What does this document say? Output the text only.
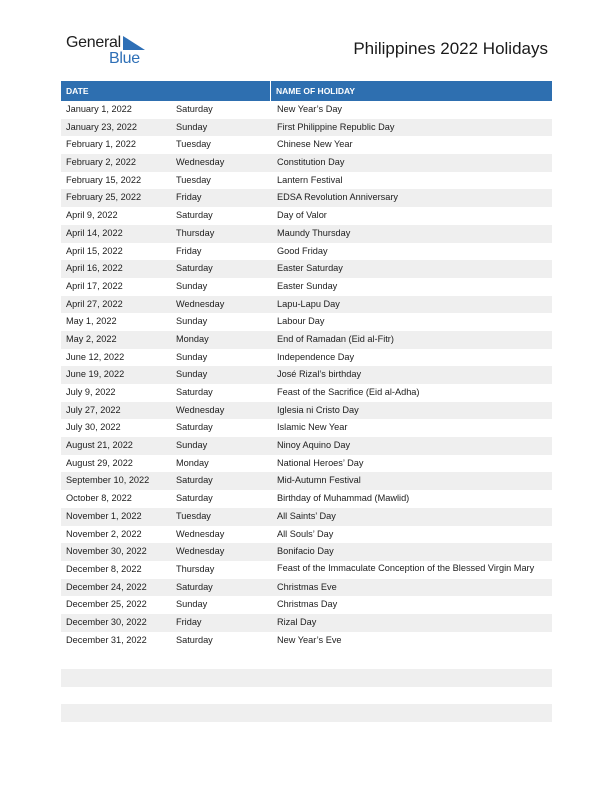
General
Blue
Philippines 2022 Holidays
DATE	NAME OF HOLIDAY
January 1, 2022	Saturday	New Year’s Day
January 23, 2022	Sunday	First Philippine Republic Day
February 1, 2022	Tuesday	Chinese New Year
February 2, 2022	Wednesday	Constitution Day
February 15, 2022	Tuesday	Lantern Festival
February 25, 2022	Friday	EDSA Revolution Anniversary
April 9, 2022	Saturday	Day of Valor
April 14, 2022	Thursday	Maundy Thursday
April 15, 2022	Friday	Good Friday
April 16, 2022	Saturday	Easter Saturday
April 17, 2022	Sunday	Easter Sunday
April 27, 2022	Wednesday	Lapu-Lapu Day
May 1, 2022	Sunday	Labour Day
May 2, 2022	Monday	End of Ramadan (Eid al-Fitr)
June 12, 2022	Sunday	Independence Day
June 19, 2022	Sunday	José Rizal’s birthday
July 9, 2022	Saturday	Feast of the Sacrifice (Eid al-Adha)
July 27, 2022	Wednesday	Iglesia ni Cristo Day
July 30, 2022	Saturday	Islamic New Year
August 21, 2022	Sunday	Ninoy Aquino Day
August 29, 2022	Monday	National Heroes’ Day
September 10, 2022	Saturday	Mid-Autumn Festival
October 8, 2022	Saturday	Birthday of Muhammad (Mawlid)
November 1, 2022	Tuesday	All Saints’ Day
November 2, 2022	Wednesday	All Souls’ Day
November 30, 2022	Wednesday	Bonifacio Day
December 8, 2022	Thursday	Feast of the Immaculate Conception of the Blessed Virgin Mary
December 24, 2022	Saturday	Christmas Eve
December 25, 2022	Sunday	Christmas Day
December 30, 2022	Friday	Rizal Day
December 31, 2022	Saturday	New Year’s Eve
